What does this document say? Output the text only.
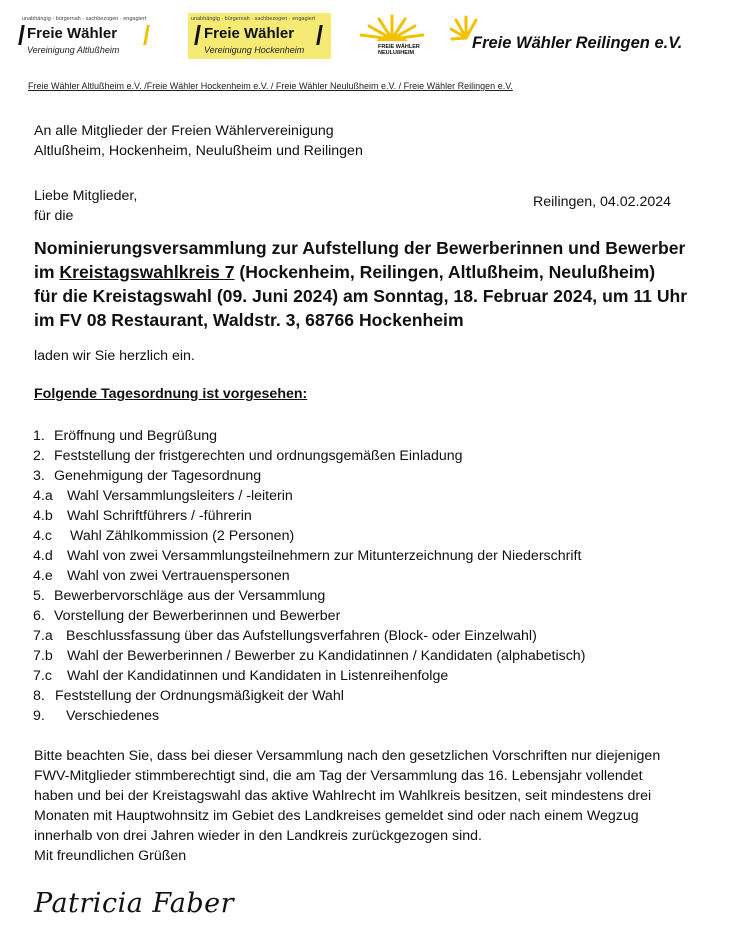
unabhängig · bürgernah · sachbezogen · engagiert
Freie Wähler
Vereinigung Altlußheim
unabhängig · bürgernah · sachbezogen · engagiert
Freie Wähler
Vereinigung Hockenheim	FREIE WÄHLER
NEULUßHEIM
Freie Wähler Reilingen e.V.
Freie Wähler Altlußheim e.V. /Freie Wähler Hockenheim e.V. / Freie Wähler Neulußheim e.V. / Freie Wähler Reilingen e.V.
An alle Mitglieder der Freien Wählervereinigung
Altlußheim, Hockenheim, Neulußheim und Reilingen
Liebe Mitglieder,
für die
Reilingen, 04.02.2024
Nominierungsversammlung zur Aufstellung der Bewerberinnen und Bewerber
im Kreistagswahlkreis 7 (Hockenheim, Reilingen, Altlußheim, Neulußheim)
für die Kreistagswahl (09. Juni 2024) am Sonntag, 18. Februar 2024, um 11 Uhr
im FV 08 Restaurant, Waldstr. 3, 68766 Hockenheim
laden wir Sie herzlich ein.
Folgende Tagesordnung ist vorgesehen:
1. Eröffnung und Begrüßung
2. Feststellung der fristgerechten und ordnungsgemäßen Einladung
3. Genehmigung der Tagesordnung
4.a Wahl Versammlungsleiters / -leiterin
4.b Wahl Schriftführers / -führerin
4.c Wahl Zählkommission (2 Personen)
4.d Wahl von zwei Versammlungsteilnehmern zur Mitunterzeichnung der Niederschrift
4.e Wahl von zwei Vertrauenspersonen
5. Bewerbervorschläge aus der Versammlung
6. Vorstellung der Bewerberinnen und Bewerber
7.a Beschlussfassung über das Aufstellungsverfahren (Block- oder Einzelwahl)
7.b Wahl der Bewerberinnen / Bewerber zu Kandidatinnen / Kandidaten (alphabetisch)
7.c Wahl der Kandidatinnen und Kandidaten in Listenreihenfolge
8. Feststellung der Ordnungsmäßigkeit der Wahl
9. Verschiedenes
Bitte beachten Sie, dass bei dieser Versammlung nach den gesetzlichen Vorschriften nur diejenigen
FWV-Mitglieder stimmberechtigt sind, die am Tag der Versammlung das 16. Lebensjahr vollendet
haben und bei der Kreistagswahl das aktive Wahlrecht im Wahlkreis besitzen, seit mindestens drei
Monaten mit Hauptwohnsitz im Gebiet des Landkreises gemeldet sind oder nach einem Wegzug
innerhalb von drei Jahren wieder in den Landkreis zurückgezogen sind.
Mit freundlichen Grüßen
Patricia Faber
